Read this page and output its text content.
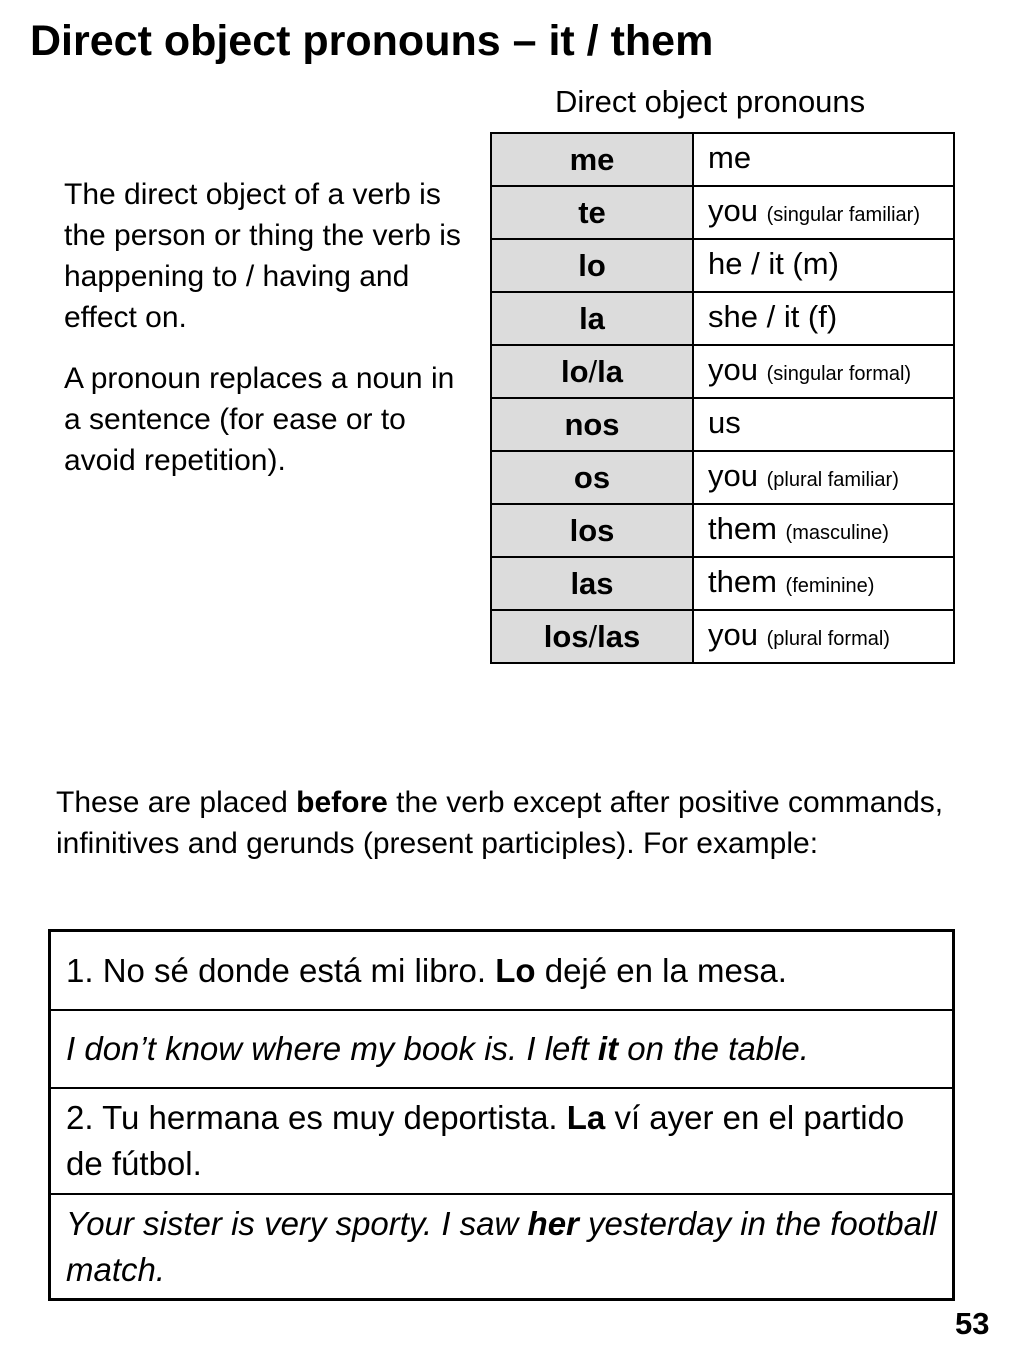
Direct object pronouns – it / them
Direct object pronouns

The direct object of a verb is the person or thing the verb is happening to / having and effect on.

A pronoun replaces a noun in a sentence (for ease or to avoid repetition).

me	me
te	you (singular familiar)
lo	he / it (m)
la	she / it (f)
lo/la	you (singular formal)
nos	us
os	you (plural familiar)
los	them (masculine)
las	them (feminine)
los/las	you (plural formal)
These are placed before the verb except after positive commands, infinitives and gerunds (present participles). For example:
1. No sé donde está mi libro. Lo dejé en la mesa.
I don’t know where my book is. I left it on the table.
2. Tu hermana es muy deportista. La ví ayer en el partido de fútbol.
Your sister is very sporty. I saw her yesterday in the football match.
53
